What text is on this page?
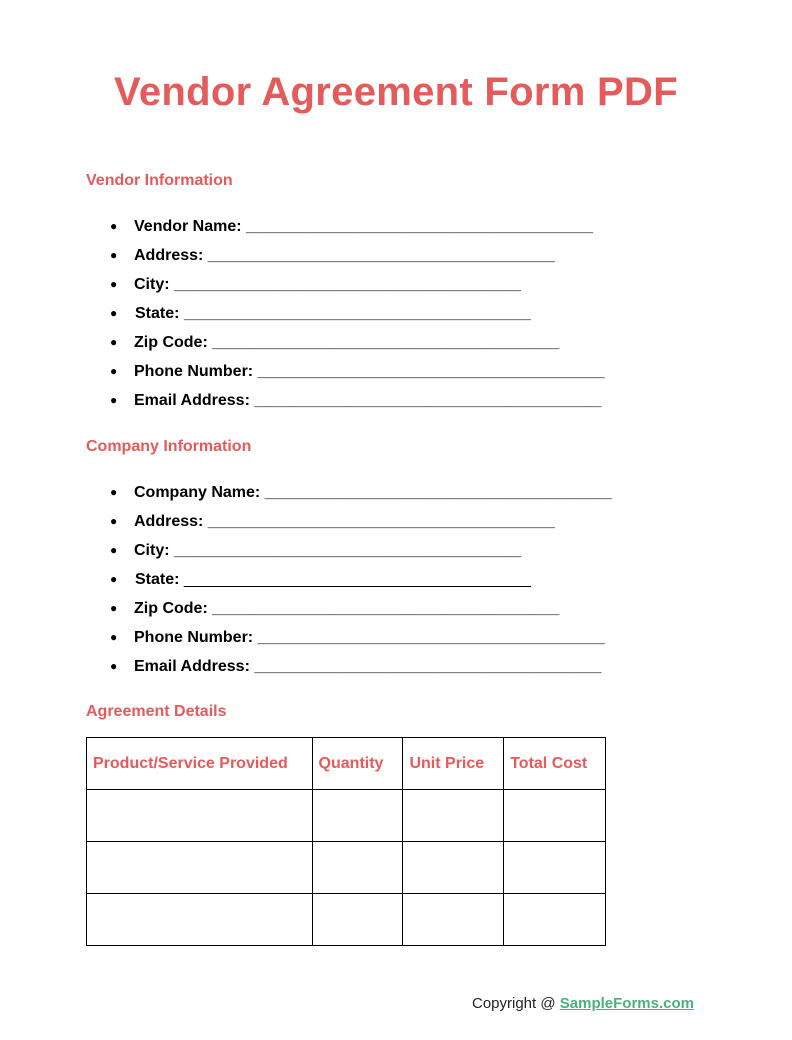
Vendor Agreement Form PDF
Vendor Information
● Vendor Name: _______________________________________
● Address: _______________________________________
● City: _______________________________________
● State: _______________________________________
● Zip Code: _______________________________________
● Phone Number: _______________________________________
● Email Address: _______________________________________
Company Information
● Company Name: _______________________________________
● Address: _______________________________________
● City: _______________________________________
● State: _______________________________________
● Zip Code: _______________________________________
● Phone Number: _______________________________________
● Email Address: _______________________________________
Agreement Details
Product/Service Provided	Quantity	Unit Price	Total Cost

Copyright @ SampleForms.com
